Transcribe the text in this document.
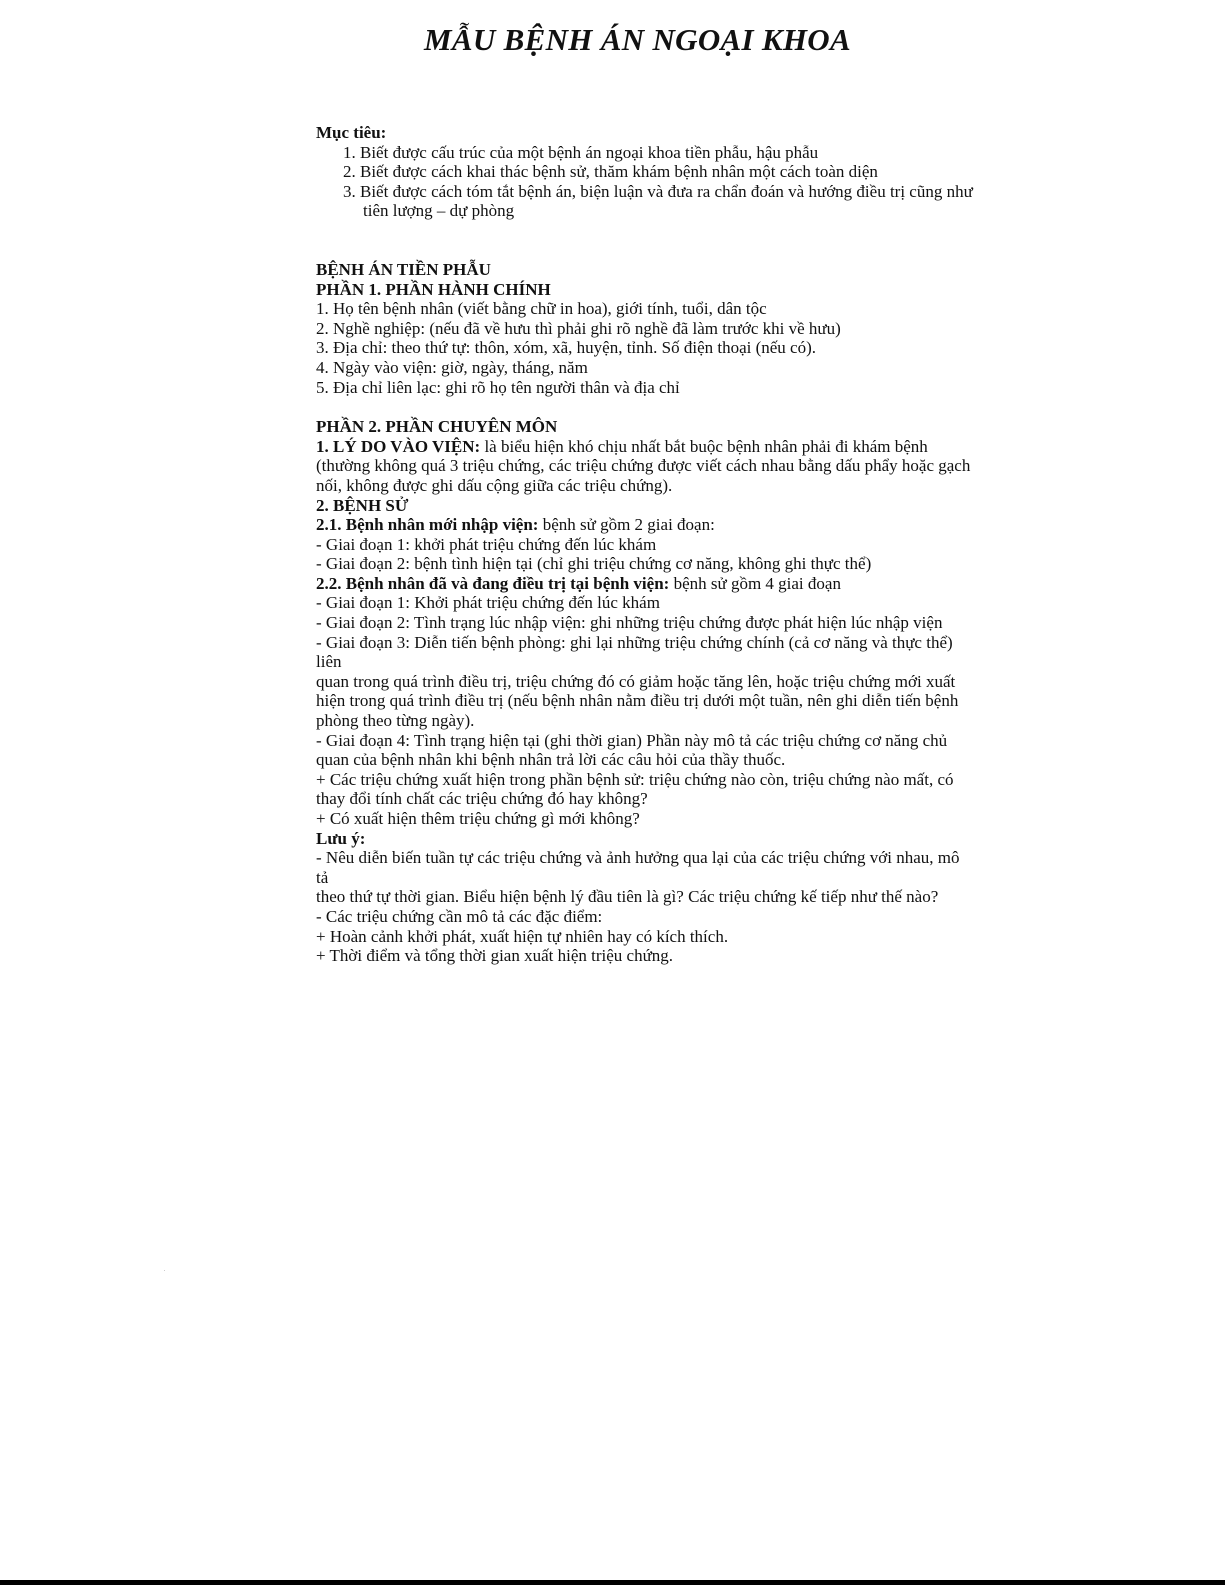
MẪU BỆNH ÁN NGOẠI KHOA

Mục tiêu:

1. Biết được cấu trúc của một bệnh án ngoại khoa tiền phẫu, hậu phẫu
2. Biết được cách khai thác bệnh sử, thăm khám bệnh nhân một cách toàn diện
3. Biết được cách tóm tắt bệnh án, biện luận và đưa ra chẩn đoán và hướng điều trị cũng như tiên lượng – dự phòng

BỆNH ÁN TIỀN PHẪU

PHẦN 1. PHẦN HÀNH CHÍNH

1. Họ tên bệnh nhân (viết bằng chữ in hoa), giới tính, tuổi, dân tộc

2. Nghề nghiệp: (nếu đã về hưu thì phải ghi rõ nghề đã làm trước khi về hưu)

3. Địa chỉ: theo thứ tự: thôn, xóm, xã, huyện, tỉnh. Số điện thoại (nếu có).

4. Ngày vào viện: giờ, ngày, tháng, năm

5. Địa chỉ liên lạc: ghi rõ họ tên người thân và địa chỉ

PHẦN 2. PHẦN CHUYÊN MÔN

1. LÝ DO VÀO VIỆN: là biểu hiện khó chịu nhất bắt buộc bệnh nhân phải đi khám bệnh

(thường không quá 3 triệu chứng, các triệu chứng được viết cách nhau bằng dấu phẩy hoặc gạch

nối, không được ghi dấu cộng giữa các triệu chứng).

2. BỆNH SỬ

2.1. Bệnh nhân mới nhập viện: bệnh sử gồm 2 giai đoạn:

- Giai đoạn 1: khởi phát triệu chứng đến lúc khám

- Giai đoạn 2: bệnh tình hiện tại (chỉ ghi triệu chứng cơ năng, không ghi thực thể)

2.2. Bệnh nhân đã và đang điều trị tại bệnh viện: bệnh sử gồm 4 giai đoạn

- Giai đoạn 1: Khởi phát triệu chứng đến lúc khám

- Giai đoạn 2: Tình trạng lúc nhập viện: ghi những triệu chứng được phát hiện lúc nhập viện

- Giai đoạn 3: Diễn tiến bệnh phòng: ghi lại những triệu chứng chính (cả cơ năng và thực thể) liên

quan trong quá trình điều trị, triệu chứng đó có giảm hoặc tăng lên, hoặc triệu chứng mới xuất

hiện trong quá trình điều trị (nếu bệnh nhân nằm điều trị dưới một tuần, nên ghi diễn tiến bệnh

phòng theo từng ngày).

- Giai đoạn 4: Tình trạng hiện tại (ghi thời gian) Phần này mô tả các triệu chứng cơ năng chủ

quan của bệnh nhân khi bệnh nhân trả lời các câu hỏi của thầy thuốc.

+ Các triệu chứng xuất hiện trong phần bệnh sử: triệu chứng nào còn, triệu chứng nào mất, có thay đổi tính chất các triệu chứng đó hay không?

+ Có xuất hiện thêm triệu chứng gì mới không?

Lưu ý:

- Nêu diễn biến tuần tự các triệu chứng và ảnh hưởng qua lại của các triệu chứng với nhau, mô tả

theo thứ tự thời gian. Biểu hiện bệnh lý đầu tiên là gì? Các triệu chứng kế tiếp như thế nào?

- Các triệu chứng cần mô tả các đặc điểm:

+ Hoàn cảnh khởi phát, xuất hiện tự nhiên hay có kích thích.

+ Thời điểm và tổng thời gian xuất hiện triệu chứng.
